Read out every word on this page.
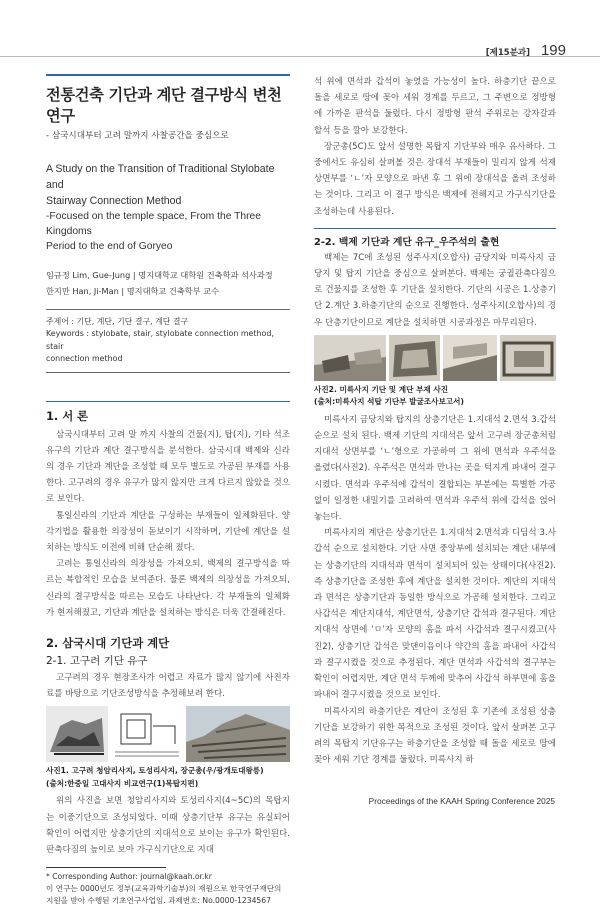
[제15분과] 199
전통건축 기단과 계단 결구방식 변천 연구
- 삼국시대부터 고려 말까지 사찰공간을 중심으로
A Study on the Transition of Traditional Stylobate and
Stairway Connection Method
-Focused on the temple space, From the Three Kingdoms
Period to the end of Goryeo
임규정 Lim, Gue-Jung | 명지대학교 대학원 건축학과 석사과정
한지만 Han, Ji-Man | 명지대학교 건축학부 교수
주제어 : 기단, 계단, 기단 결구, 계단 결구
Keywords : stylobate, stair, stylobate connection method, stair
connection method
1. 서 론

삼국시대부터 고려 말 까지 사찰의 건물(지), 탑(지), 기타 석조유구의 기단과 계단 결구방식을 분석한다. 삼국시대 백제와 신라의 경우 기단과 계단을 조성할 때 모두 별도로 가공된 부재를 사용한다. 고구려의 경우 유구가 많지 않지만 크게 다르지 않았을 것으로 보인다.

통일신라의 기단과 계단을 구성하는 부재들이 일체화된다. 양각기법을 활용한 의장성이 돋보이기 시작하며, 기단에 계단을 설치하는 방식도 이전에 비해 단순해 졌다.

고려는 통일신라의 의장성을 가져오되, 백제의 결구방식을 따르는 복합적인 모습을 보여준다. 물론 백제의 의장성을 가져오되, 신라의 결구방식을 따르는 모습도 나타난다. 각 부재들의 일체화가 현저해졌고, 기단과 계단을 설치하는 방식은 더욱 간결해진다.

2. 삼국시대 기단과 계단
2-1. 고구려 기단 유구

고구려의 경우 현장조사가 어렵고 자료가 많지 않기에 사진자료를 바탕으로 기단조성방식을 추정해보려 한다.

사진1. 고구려 청암리사지, 토성리사지, 장군총(우/광개토대왕릉)
(출처:한중일 고대사지 비교연구(1)목탑지편)

위의 사진을 보면 청암리사지와 토성리사지(4~5C)의 목탑지는 이중기단으로 조성되었다. 이때 상층기단부 유구는 유실되어 확인이 어렵지만 상층기단의 지대석으로 보이는 유구가 확인된다. 판축다짐의 높이로 보아 가구식기단으로 지대

* Corresponding Author: journal@kaah.or.kr
이 연구는 0000년도 정부(교육과학기술부)의 재원으로 한국연구재단의
지원을 받아 수행된 기초연구사업임. 과제번호: No.0000-1234567

석 위에 면석과 갑석이 놓였을 가능성이 높다. 하층기단 끝으로 돌을 세로로 땅에 꽂아 세워 경계를 두르고, 그 주변으로 정방형에 가까운 판석을 둘렀다. 다시 정방형 판석 주위로는 강자갈과 할석 등을 깔아 보강한다.

장군총(5C)도 앞서 설명한 목탑지 기단부와 매우 유사하다. 그 중에서도 유심히 살펴볼 것은 장대석 부재들이 밀리지 않게 석재 상면부를 ‘ㄴ’자 모양으로 파낸 후 그 위에 장대석을 올려 조성하는 것이다. 그리고 이 결구 방식은 백제에 전해지고 가구식기단을 조성하는데 사용된다.

2-2. 백제 기단과 계단 유구_우주석의 출현

백제는 7C에 조성된 성주사지(오합사) 금당지와 미륵사지 금당지 및 탑지 기단을 중심으로 살펴본다. 백제는 궁궐관축다짐으로 건물지를 조성한 후 기단을 설치한다. 기단의 시공은 1.상층기단 2.계단 3.하층기단의 순으로 진행한다. 성주사지(오합사)의 경우 단층기단이므로 계단을 설치하면 시공과정은 마무리된다.

사진2. 미륵사지 기단 및 계단 부재 사진
(출처:미륵사지 석탑 기단부 발굴조사보고서)

미륵사지 금당지와 탑지의 상층기단은 1.지대석 2.면석 3.갑석 순으로 설치 된다. 백제 기단의 지대석은 앞서 고구려 장군총처럼 지대석 상면부를 ‘ㄴ’형으로 가공하여 그 위에 면석과 우주석을 올렸다(사진2). 우주석은 면석과 만나는 곳을 턱지게 파내어 결구시켰다. 면석과 우주석에 갑석이 결합되는 부분에는 특별한 가공 없이 일정한 내밀기를 고려하여 면석과 우주석 위에 갑석을 얹어 놓는다.

미륵사지의 계단은 상층기단은 1.지대석 2.면석과 디딤석 3.사갑석 순으로 설치한다. 기단 사면 중앙부에 설치되는 계단 내부에는 상층기단의 지대석과 면석이 설치되어 있는 상태이다(사진2). 즉 상층기단을 조성한 후에 계단을 설치한 것이다. 계단의 지대석과 면석은 상층기단과 동일한 방식으로 가공해 설치한다. 그리고 사갑석은 계단지대석, 계단면석, 상층기단 갑석과 결구된다. 계단 지대석 상면에 ‘ㅁ’자 모양의 홈을 파서 사갑석과 결구시켰고(사진2), 상층기단 갑석은 맞댄이음이나 약간의 홈을 파내어 사갑석과 결구시켰을 것으로 추정된다. 계단 면석과 사갑석의 결구부는 확인이 어렵지만, 계단 면석 두께에 맞추어 사갑석 하부면에 홈을 파내어 결구시켰을 것으로 보인다.

미륵사지의 하층기단은 계단이 조성된 후 기존에 조성된 상층기단을 보강하기 위한 목적으로 조성된 것이다. 앞서 살펴본 고구려의 목탑지 기단유구는 하층기단을 조성할 때 돌을 세로로 땅에 꽂아 세워 기단 경계를 둘렀다. 미륵사지 하

Proceedings of the KAAH Spring Conference 2025
